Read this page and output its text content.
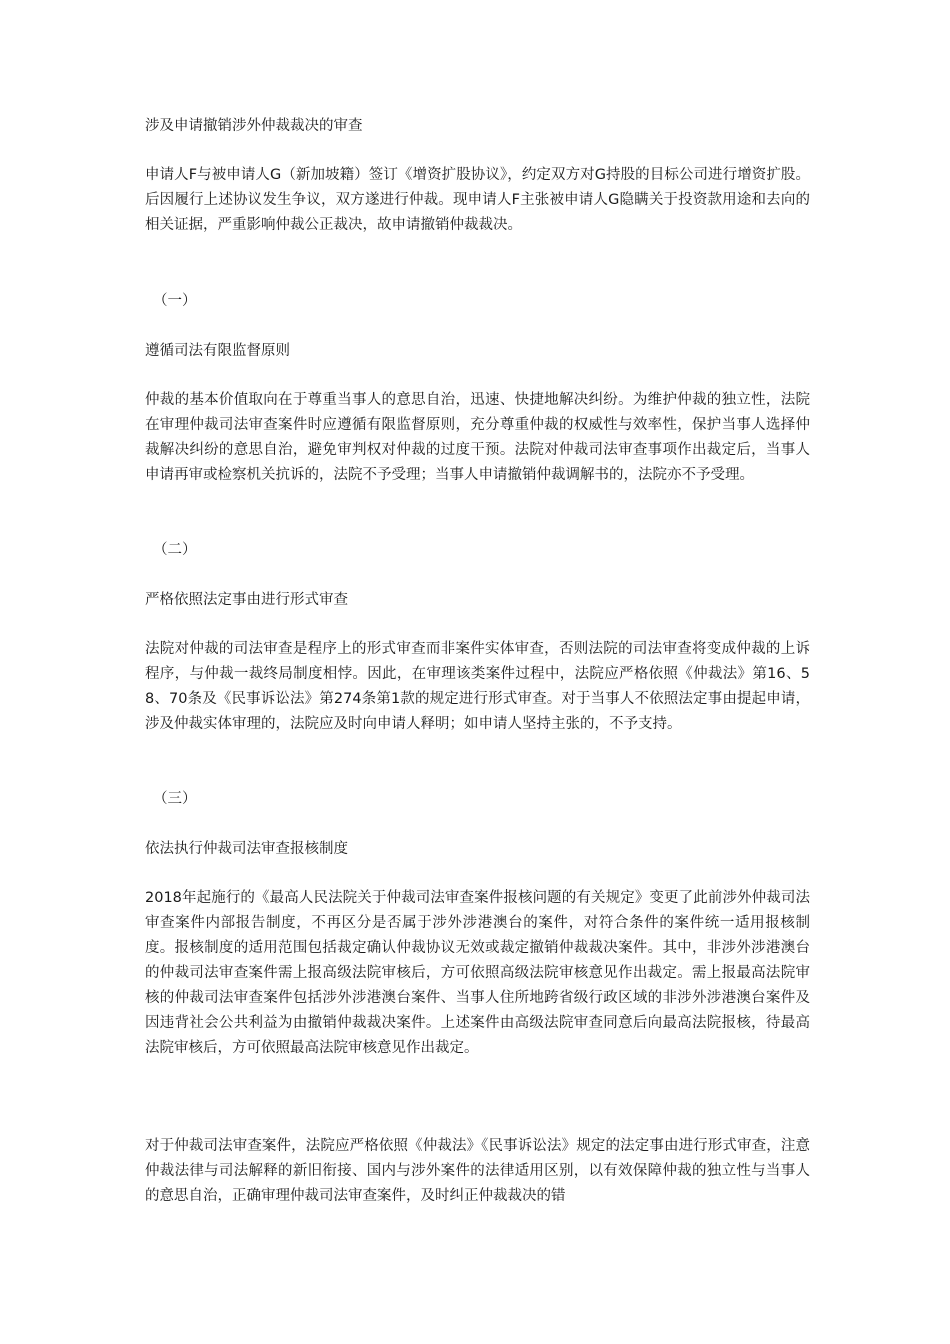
涉及申请撤销涉外仲裁裁决的审查

申请人F与被申请人G（新加坡籍）签订《增资扩股协议》，约定双方对G持股的目标公司进行增资扩股。后因履行上述协议发生争议，双方遂进行仲裁。现申请人F主张被申请人G隐瞒关于投资款用途和去向的相关证据，严重影响仲裁公正裁决，故申请撤销仲裁裁决。

（一）

遵循司法有限监督原则

仲裁的基本价值取向在于尊重当事人的意思自治，迅速、快捷地解决纠纷。为维护仲裁的独立性，法院在审理仲裁司法审查案件时应遵循有限监督原则，充分尊重仲裁的权威性与效率性，保护当事人选择仲裁解决纠纷的意思自治，避免审判权对仲裁的过度干预。法院对仲裁司法审查事项作出裁定后，当事人申请再审或检察机关抗诉的，法院不予受理；当事人申请撤销仲裁调解书的，法院亦不予受理。

（二）

严格依照法定事由进行形式审查

法院对仲裁的司法审查是程序上的形式审查而非案件实体审查，否则法院的司法审查将变成仲裁的上诉程序，与仲裁一裁终局制度相悖。因此，在审理该类案件过程中，法院应严格依照《仲裁法》第16、58、70条及《民事诉讼法》第274条第1款的规定进行形式审查。对于当事人不依照法定事由提起申请，涉及仲裁实体审理的，法院应及时向申请人释明；如申请人坚持主张的，不予支持。

（三）

依法执行仲裁司法审查报核制度

2018年起施行的《最高人民法院关于仲裁司法审查案件报核问题的有关规定》变更了此前涉外仲裁司法审查案件内部报告制度，不再区分是否属于涉外涉港澳台的案件，对符合条件的案件统一适用报核制度。报核制度的适用范围包括裁定确认仲裁协议无效或裁定撤销仲裁裁决案件。其中，非涉外涉港澳台的仲裁司法审查案件需上报高级法院审核后，方可依照高级法院审核意见作出裁定。需上报最高法院审核的仲裁司法审查案件包括涉外涉港澳台案件、当事人住所地跨省级行政区域的非涉外涉港澳台案件及因违背社会公共利益为由撤销仲裁裁决案件。上述案件由高级法院审查同意后向最高法院报核，待最高法院审核后，方可依照最高法院审核意见作出裁定。

对于仲裁司法审查案件，法院应严格依照《仲裁法》《民事诉讼法》规定的法定事由进行形式审查，注意仲裁法律与司法解释的新旧衔接、国内与涉外案件的法律适用区别，以有效保障仲裁的独立性与当事人的意思自治，正确审理仲裁司法审查案件，及时纠正仲裁裁决的错
